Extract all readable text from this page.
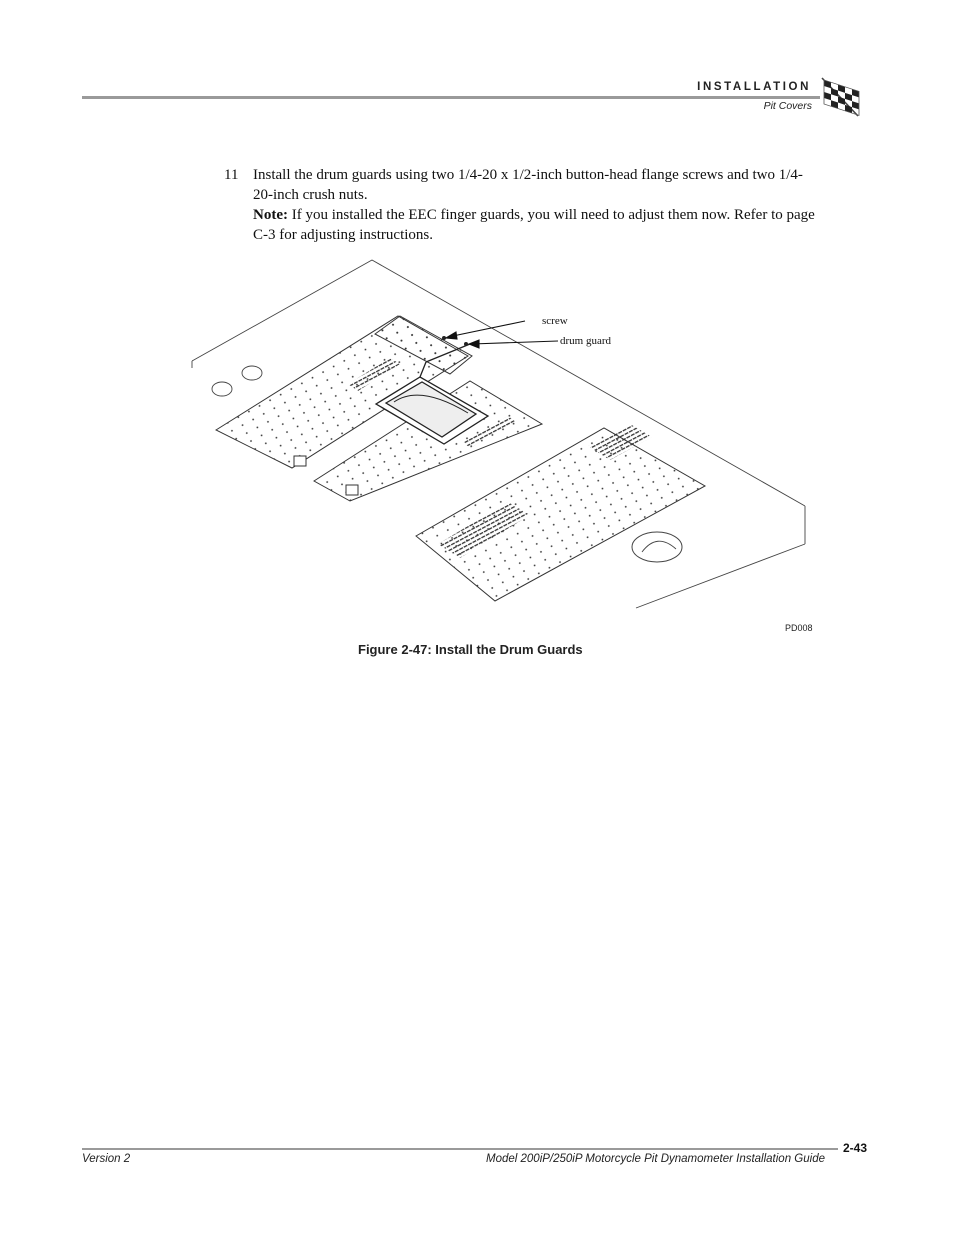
INSTALLATION
Pit Covers
11 Install the drum guards using two 1/4-20 x 1/2-inch button-head flange screws and two 1/4-20-inch crush nuts.
Note: If you installed the EEC finger guards, you will need to adjust them now. Refer to page C-3 for adjusting instructions.
screw
drum guard
PD008
Figure 2-47: Install the Drum Guards
2-43
Version 2	Model 200iP/250iP Motorcycle Pit Dynamometer Installation Guide
